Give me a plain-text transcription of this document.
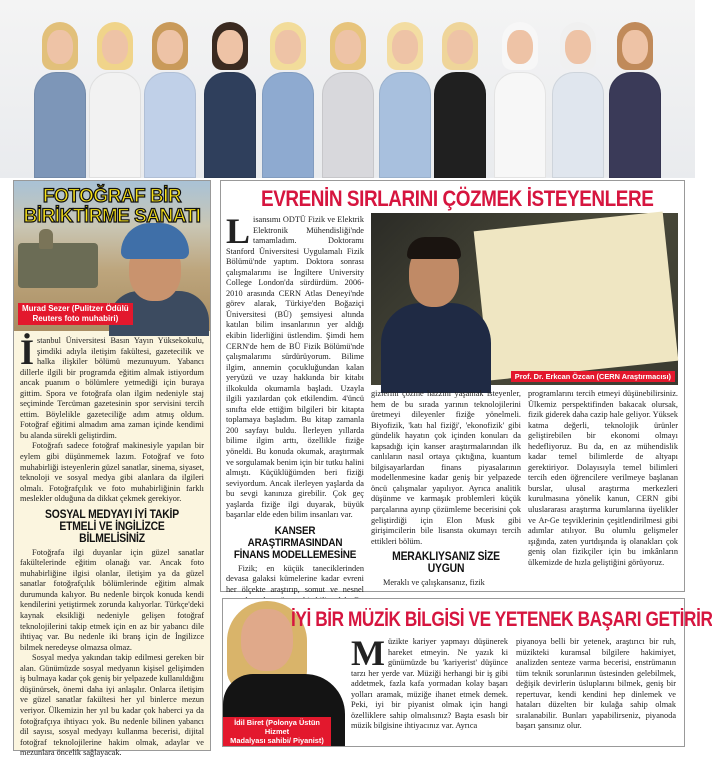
FOTOĞRAF BİR
BİRİKTİRME SANATI
Murad Sezer (Pulitzer Ödülü
Reuters foto muhabiri)

İstanbul Üniversitesi Basın Yayın Yüksekokulu, şimdiki adıyla iletişim fakültesi, gazetecilik ve halka ilişkiler bölümü mezunuyum. Yabancı dillerle ilgili bir programda eğitim almak istiyordum ancak puanım o bölümlere yetmediği için buraya gittim. Spora ve fotoğrafa olan ilgim nedeniyle staj seçiminde Tercüman gazetesinin spor servisini tercih ettim. Böylelikle gazeteciliğe adım atmış oldum. Fotoğraf eğitimi almadım ama zaman içinde kendimi bu alanda sürekli geliştirdim.

Fotoğrafı sadece fotoğraf makinesiyle yapılan bir eylem gibi düşünmemek lazım. Fotoğraf ve foto muhabirliği isteyenlerin güzel sanatlar, sinema, siyaset, teknoloji ve sosyal medya gibi alanlara da ilgileri olmalı. Fotoğrafçılık ve foto muhabirliğinin farklı meslekler olduğuna da dikkat çekmek gerekiyor.

SOSYAL MEDYAYI İYİ TAKİP ETMELİ VE İNGİLİZCE BİLMELİSİNİZ

Fotoğrafa ilgi duyanlar için güzel sanatlar fakültelerinde eğitim olanağı var. Ancak foto muhabirliğine ilgisi olanlar, iletişim ya da güzel sanatlar fotoğrafçılık bölümlerinde eğitim almak durumunda kalıyor. Bu nedenle birçok konuda kendi kendilerini yetiştirmek zorunda kalıyorlar. Türkçe'deki kaynak eksikliği nedeniyle gelişen fotoğraf teknolojilerini takip etmek için en az bir yabancı dile ihtiyaç var. Bu nedenle iki branş için de İngilizce bilmek neredeyse olmazsa olmaz.

Sosyal medya yakından takip edilmesi gereken bir alan. Günümüzde sosyal medyanın kişisel gelişimden iş bulmaya kadar çok geniş bir yelpazede kullanıldığını düşünürsek, önemi daha iyi anlaşılır. Onlarca iletişim ve güzel sanatlar fakültesi her yıl binlerce mezun veriyor. Ülkemizin her yıl bu kadar çok haberci ya da fotoğrafçıya ihtiyacı yok. Bu nedenle bilinen yabancı dil sayısı, sosyal medyayı kullanma becerisi, dijital fotoğraf teknolojilerine hakim olmak, adaylar ve mezunlara öncelik sağlayacak.

EVRENİN SIRLARINI ÇÖZMEK İSTEYENLERE

Lisansımı ODTÜ Fizik ve Elektrik Elektronik Mühendisliği'nde tamamladım. Doktoramı Stanford Üniversitesi Uygulamalı Fizik Bölümü'nde yaptım. Doktora sonrası çalışmalarımı ise İngiltere University College London'da sürdürdüm. 2006-2010 arasında CERN Atlas Deneyi'nde görev alarak, Türkiye'den Boğaziçi Üniversitesi (BÜ) şemsiyesi altında katılan bilim insanlarının yer aldığı ekibin liderliğini üstlendim. Şimdi hem CERN'de hem de BÜ Fizik Bölümü'nde çalışmalarımı sürdürüyorum. Bilime ilgim, annemin çocukluğundan kalan yeryüzü ve uzay hakkında bir kitabı ilkokulda okumamla başladı. Uzayla ilgili yazılardan çok etkilendim. 4'üncü sınıfta elde ettiğim bilgileri bir kitapta toplamaya başladım. Bu kitap zamanla 200 sayfayı buldu. İlerleyen yıllarda bilime ilgim arttı, özellikle fiziğe yöneldi. Bu konuda okumak, araştırmak ve sorgulamak benim için bir tutku halini almıştı. Küçüklüğümden beri fiziği seviyordum. Ancak ilerleyen yaşlarda da bu sevgi kanınıza girebilir. Çok geç yaşlarda fiziğe ilgi duyarak, büyük başarılar elde eden bilim insanları var.

KANSER ARAŞTIRMASINDAN FİNANS MODELLEMESİNE

Fizik; en küçük taneciklerinden devasa galaksi kümelerine kadar evreni her ölçekte araştırıp, somut ve nesnel

Prof. Dr. Erkcan Özcan (CERN Araştırmacısı)

gizlerini çözme hazzını yaşamak isteyenler, hem de bu sırada yarının teknolojilerini üretmeyi dileyenler fiziğe yönelmeli. Biyofizik, 'katı hal fiziği', 'ekonofizik' gibi gündelik hayatın çok içinden konuları da kapsadığı için kanser araştırmalarından ilk canlıların nasıl ortaya çıktığına, kuantum bilgisayarlardan finans piyasalarının modellenmesine kadar geniş bir yelpazede öncü çalışmalar yapılıyor. Ayrıca analitik düşünme ve karmaşık problemleri küçük parçalarına ayırıp çözümleme becerisini çok geliştirdiği için Elon Musk gibi girişimcilerin bile lisansta okumayı tercih ettikleri bölüm.

MERAKLIYSANIZ SİZE UYGUN

Meraklı ve çalışkansanız, fizik

programlarını tercih etmeyi düşünebilirsiniz. Ülkemiz perspektifinden bakacak olursak, fizik giderek daha cazip hale geliyor. Yüksek katma değerli, teknolojik ürünler geliştirebilen bir ekonomi olmayı hedefliyoruz. Bu da, en az mühendislik kadar temel bilimlerde de altyapı gerektiriyor. Dolayısıyla temel bilimleri tercih eden öğrencilere verilmeye başlanan burslar, ulusal araştırma merkezleri kurulmasına yönelik kanun, CERN gibi uluslararası araştırma kurumlarına üyelikler ve Ar-Ge teşviklerinin çeşitlendirilmesi gibi adımlar atılıyor. Bu olumlu gelişmeler ışığında, zaten yurtdışında iş olanakları çok geniş olan fizikçiler için bu imkânların ülkemizde de hızla geliştiğini görüyoruz.

İdil Biret (Polonya Üstün Hizmet
Madalyası sahibi/ Piyanist)
İYİ BİR MÜZİK BİLGİSİ VE YETENEK BAŞARI GETİRİR

Müzikte kariyer yapmayı düşünerek hareket etmeyin. Ne yazık ki günümüzde bu 'kariyerist' düşünce tarzı her yerde var. Müziği herhangi bir iş gibi addetmek, fazla kafa yormadan kolay başarı yolları aramak, müziğe ihanet etmek demek. Peki, iyi bir piyanist olmak için hangi özelliklere sahip olmalısınız? Başta esaslı bir müzik bilgisine ihtiyacınız var. Ayrıca

piyanoya belli bir yetenek, araştırıcı bir ruh, müzikteki kuramsal bilgilere hakimiyet, analizden senteze varma becerisi, enstrümanın tüm teknik sorunlarının üstesinden gelebilmek, değişik devirlerin üsluplarını bilmek, geniş bir repertuvar, kendi kendini hep dinlemek ve hataları düzelten bir kulağa sahip olmak sıralanabilir. Bunları yapabilirseniz, piyanoda başarı şansınız olur.
